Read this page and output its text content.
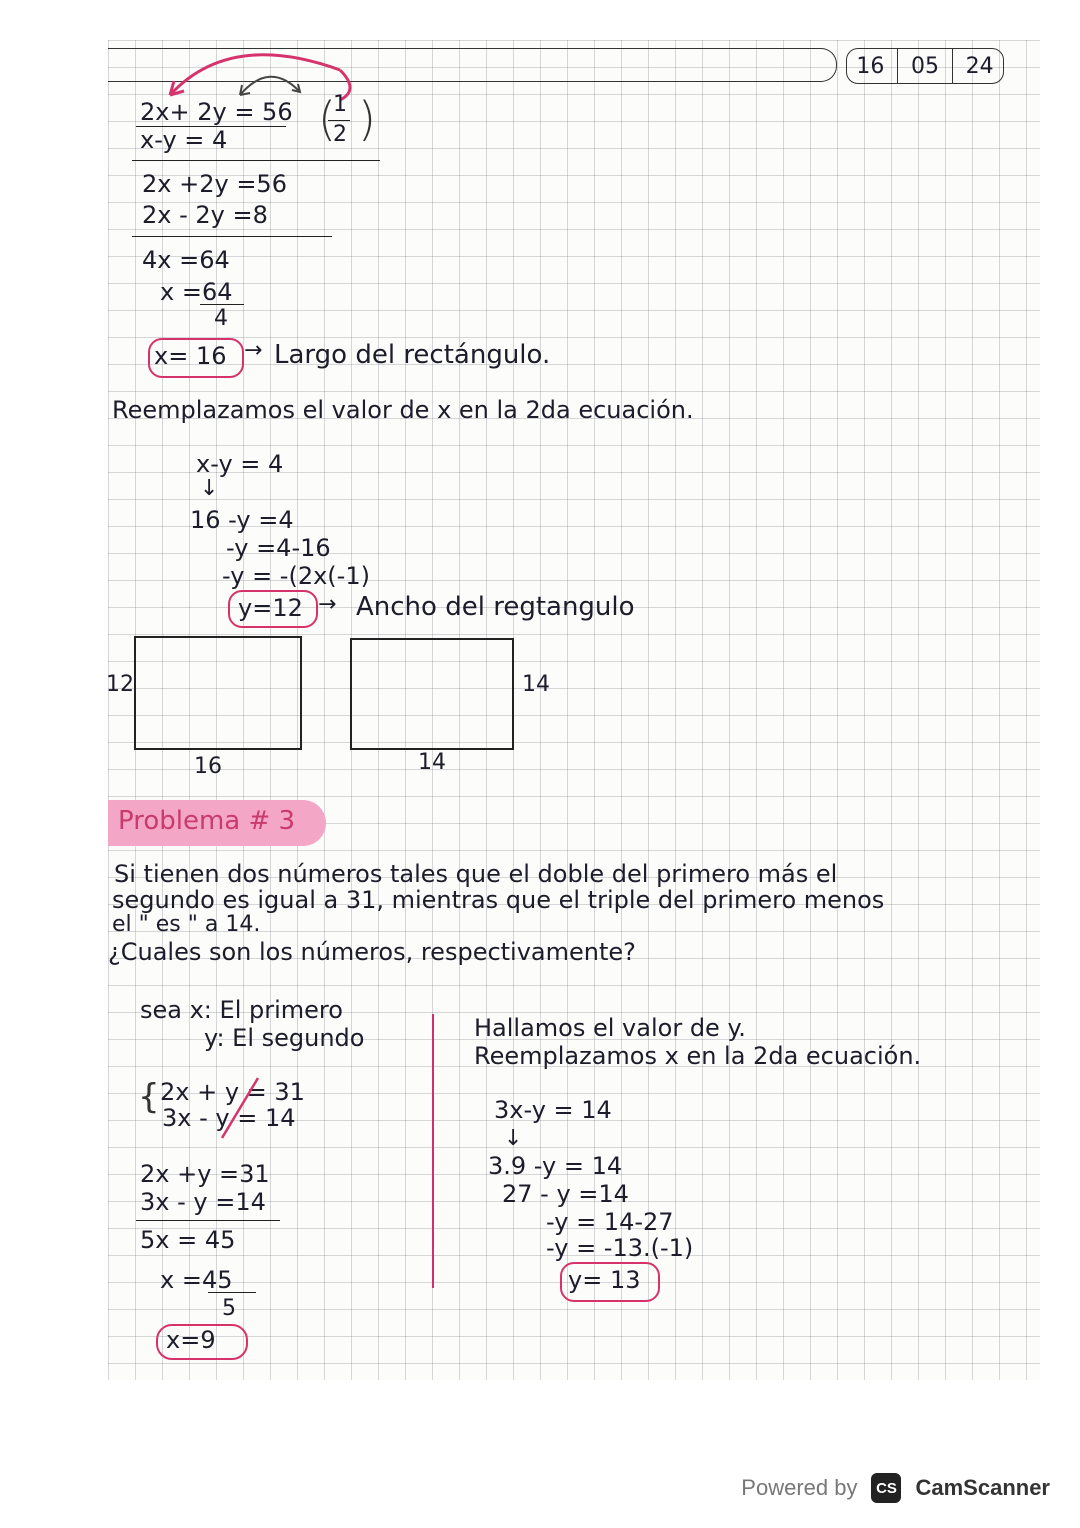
16 05 24
2x+ 2y = 56
x-y = 4
1
2
( )
2x +2y =56
2x - 2y =8
4x =64
x =64
4
x= 16 → Largo del rectángulo.
Reemplazamos el valor de x en la 2da ecuación.
x-y = 4
↓
16 -y =4
-y =4-16
-y = -(2x(-1)
y=12 → Ancho del regtangulo
12
16
14
14
Problema # 3
Si tienen dos números tales que el doble del primero más el
segundo es igual a 31, mientras que el triple del primero menos
el " es " a 14.
¿Cuales son los números, respectivamente?
sea x: El primero
y: El segundo
{ 2x + y = 31
3x - y = 14
2x +y =31
3x - y =14
5x = 45
x =45
5
x=9
Hallamos el valor de y.
Reemplazamos x en la 2da ecuación.
3x-y = 14
↓
3.9 -y = 14
27 - y =14
-y = 14-27
-y = -13.(-1)
y= 13
Powered by	CS CamScanner
